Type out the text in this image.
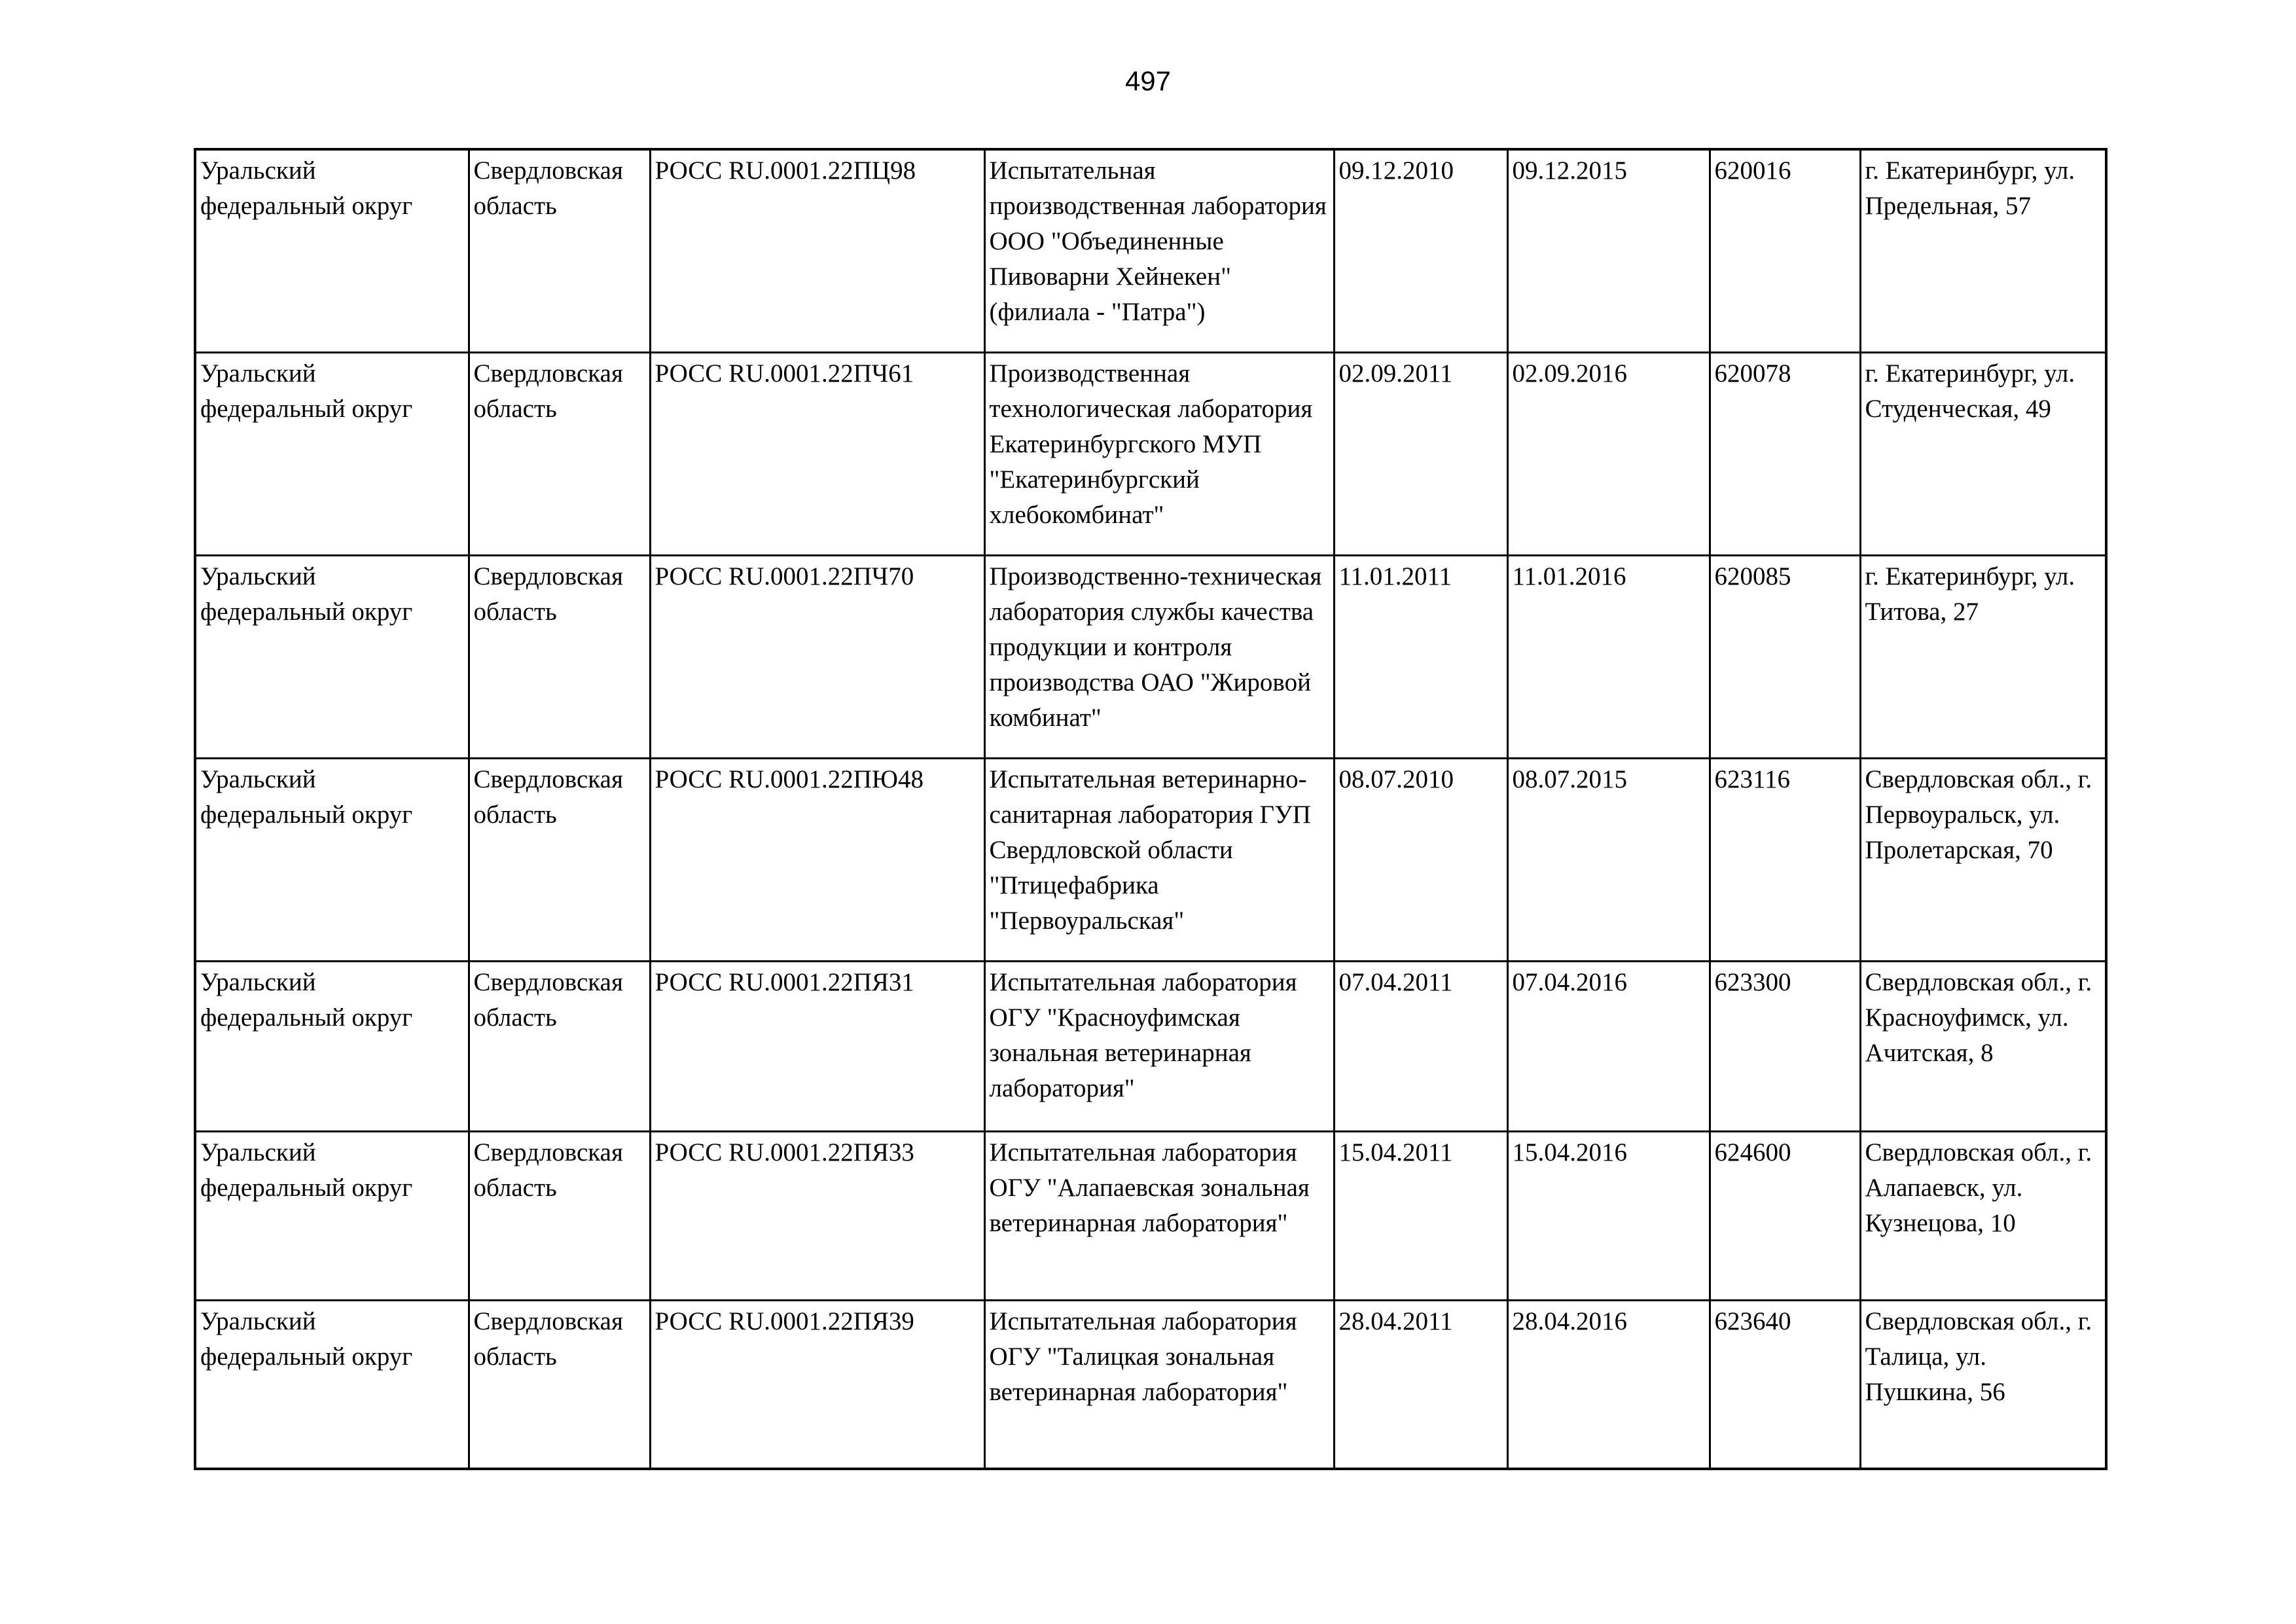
497
Уральский федеральный округ	Свердловская область	РОСС RU.0001.22ПЦ98	Испытательная производственная лаборатория ООО "Объединенные Пивоварни Хейнекен" (филиала - "Патра")	09.12.2010	09.12.2015	620016	г. Екатеринбург, ул. Предельная, 57

Уральский федеральный округ	Свердловская область	РОСС RU.0001.22ПЧ61	Производственная технологическая лаборатория Екатеринбургского МУП "Екатеринбургский хлебокомбинат"	02.09.2011	02.09.2016	620078	г. Екатеринбург, ул. Студенческая, 49

Уральский федеральный округ	Свердловская область	РОСС RU.0001.22ПЧ70	Производственно-техническая лаборатория службы качества продукции и контроля производства ОАО "Жировой комбинат"	11.01.2011	11.01.2016	620085	г. Екатеринбург, ул. Титова, 27

Уральский федеральный округ	Свердловская область	РОСС RU.0001.22ПЮ48	Испытательная ветеринарно-санитарная лаборатория ГУП Свердловской области "Птицефабрика "Первоуральская"	08.07.2010	08.07.2015	623116	Свердловская обл., г. Первоуральск, ул. Пролетарская, 70

Уральский федеральный округ	Свердловская область	РОСС RU.0001.22ПЯ31	Испытательная лаборатория ОГУ "Красноуфимская зональная ветеринарная лаборатория"	07.04.2011	07.04.2016	623300	Свердловская обл., г. Красноуфимск, ул. Ачитская, 8

Уральский федеральный округ	Свердловская область	РОСС RU.0001.22ПЯ33	Испытательная лаборатория ОГУ "Алапаевская зональная ветеринарная лаборатория"	15.04.2011	15.04.2016	624600	Свердловская обл., г. Алапаевск, ул. Кузнецова, 10

Уральский федеральный округ	Свердловская область	РОСС RU.0001.22ПЯ39	Испытательная лаборатория ОГУ "Талицкая зональная ветеринарная лаборатория"	28.04.2011	28.04.2016	623640	Свердловская обл., г. Талица, ул. Пушкина, 56
